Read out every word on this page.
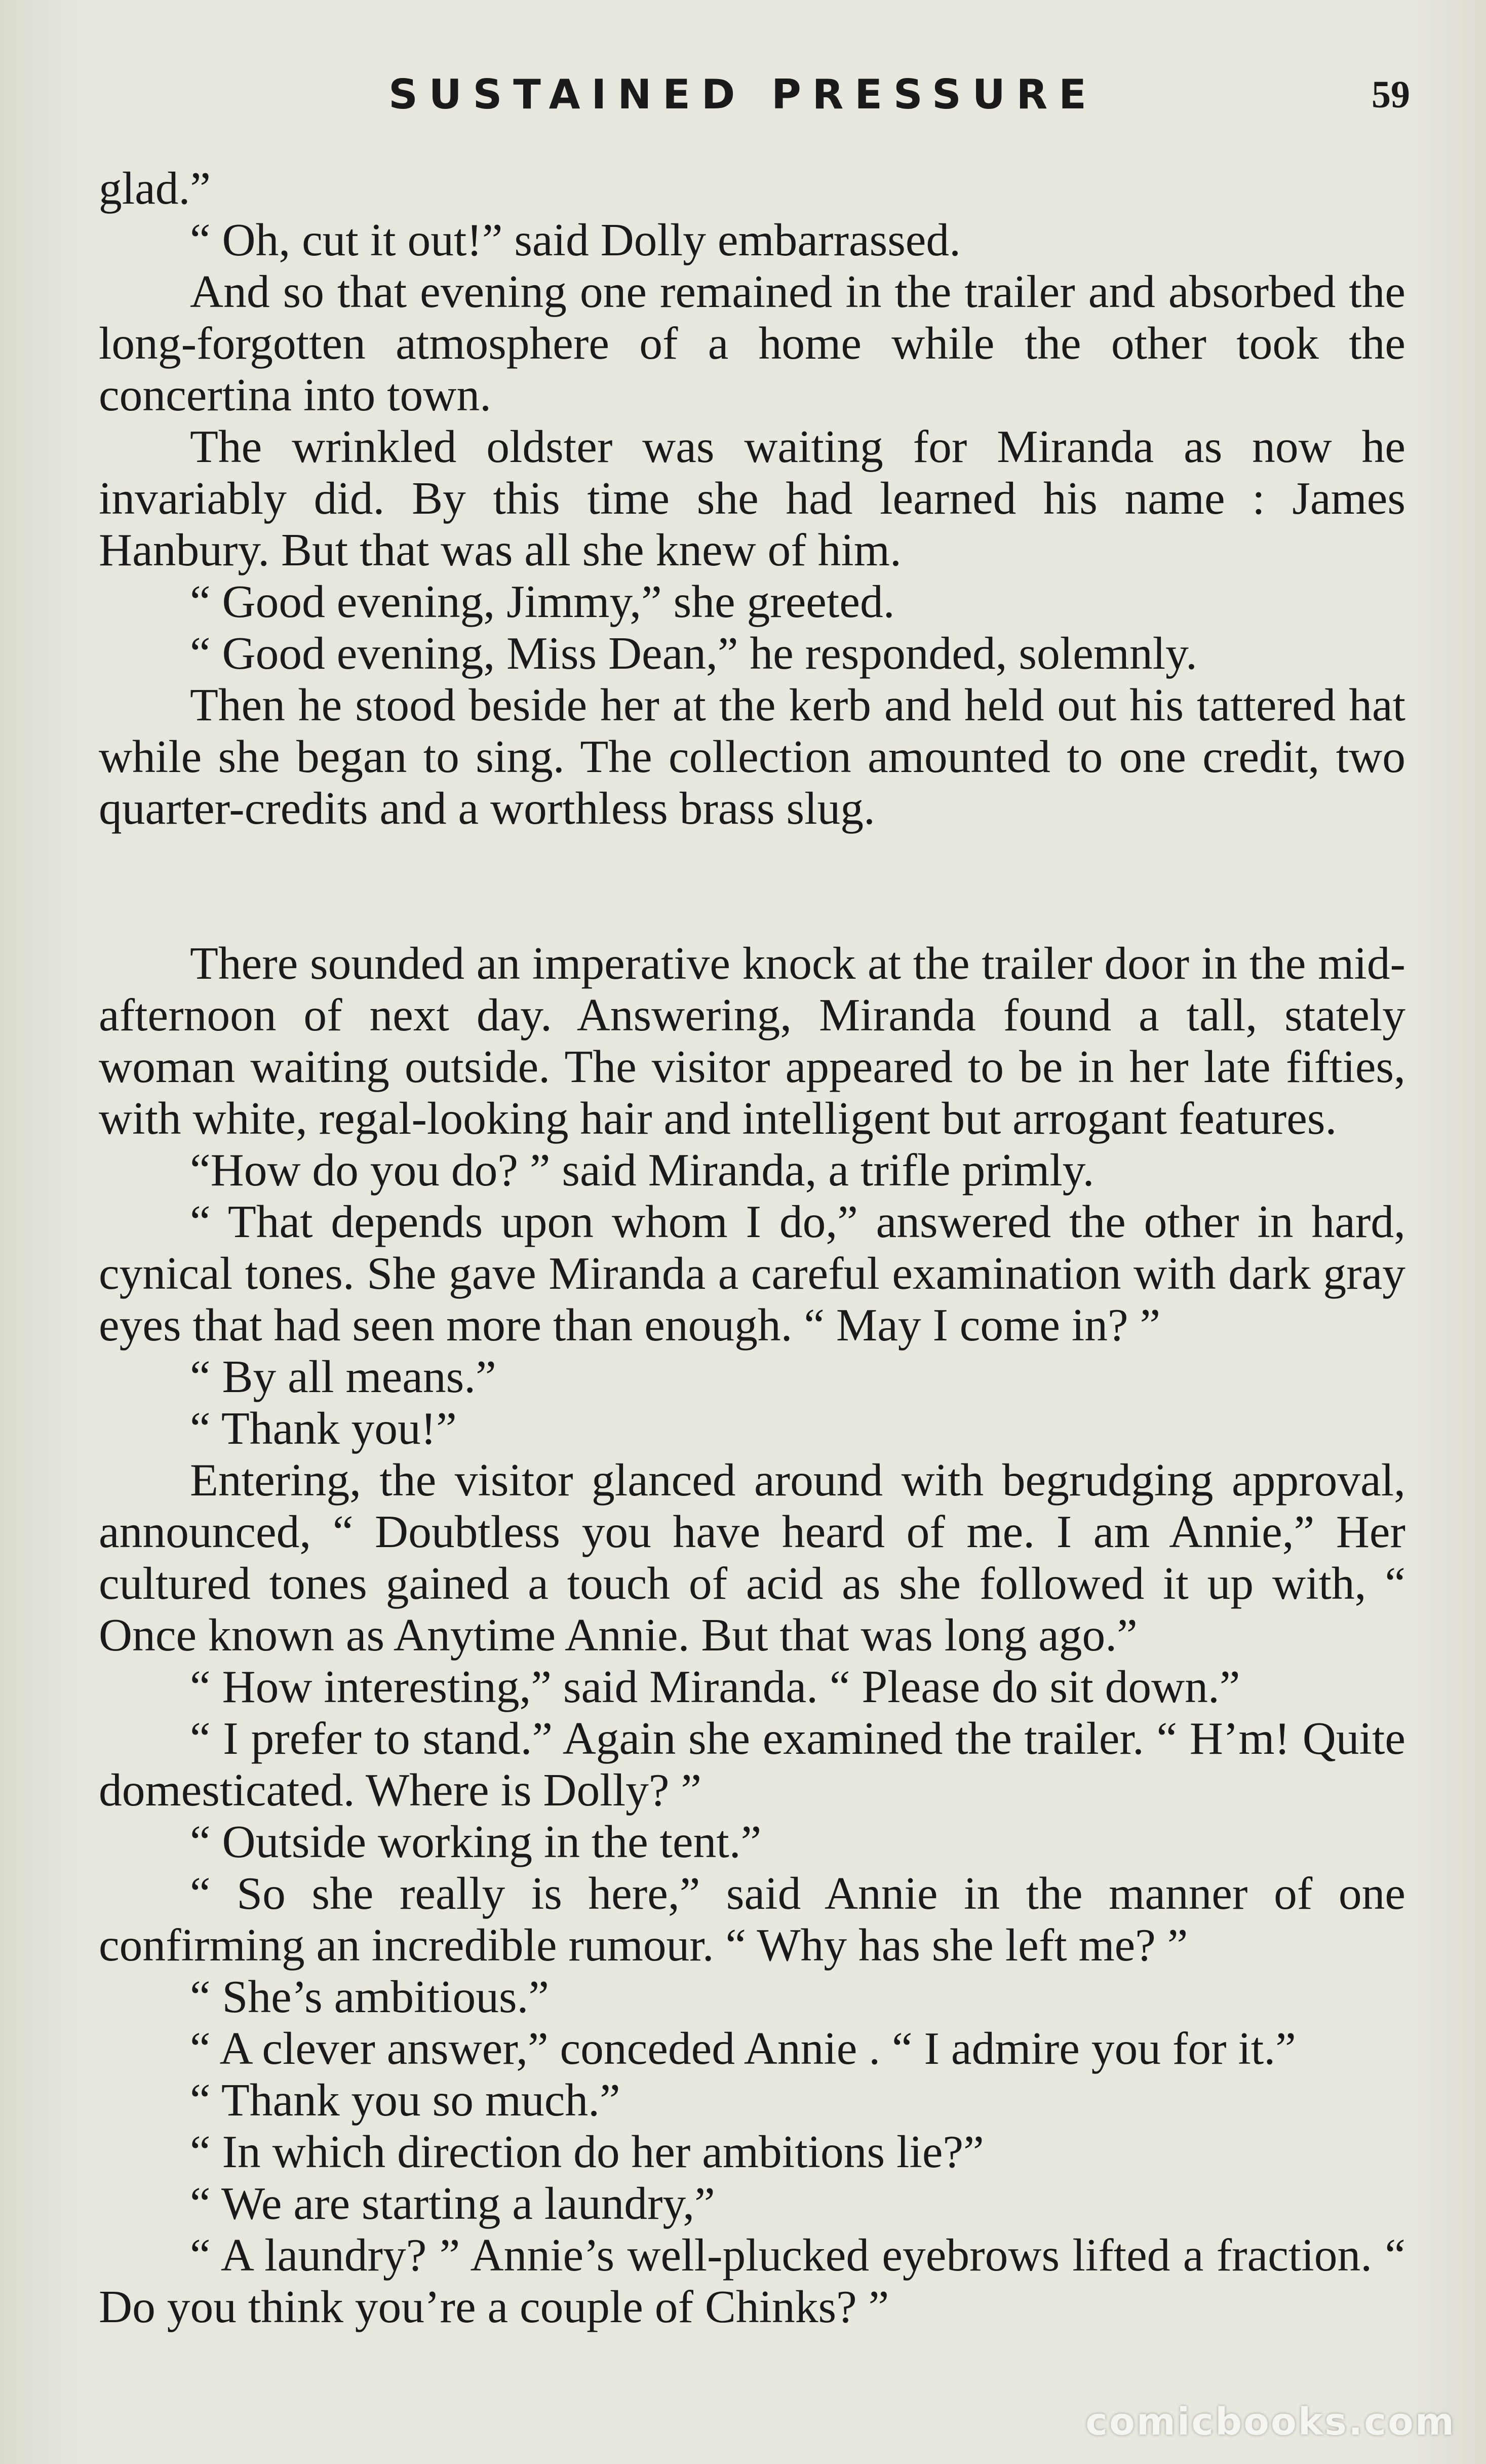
SUSTAINED PRESSURE	59

glad.”

“ Oh, cut it out!” said Dolly embarrassed.

And so that evening one remained in the trailer and absorbed the long-forgotten atmosphere of a home while the other took the concertina into town.

The wrinkled oldster was waiting for Miranda as now he invariably did. By this time she had learned his name : James Hanbury. But that was all she knew of him.

“ Good evening, Jimmy,” she greeted.

“ Good evening, Miss Dean,” he responded, solemnly.

Then he stood beside her at the kerb and held out his tattered hat while she began to sing. The collection amounted to one credit, two quarter-credits and a worthless brass slug.

There sounded an imperative knock at the trailer door in the mid-afternoon of next day. Answering, Miranda found a tall, stately woman waiting outside. The visitor appeared to be in her late fifties, with white, regal-looking hair and intelligent but arrogant features.

“How do you do? ” said Miranda, a trifle primly.

“ That depends upon whom I do,” answered the other in hard, cynical tones. She gave Miranda a careful examination with dark gray eyes that had seen more than enough. “ May I come in? ”

“ By all means.”

“ Thank you!”

Entering, the visitor glanced around with begrudging approval, announced, “ Doubtless you have heard of me. I am Annie,” Her cultured tones gained a touch of acid as she followed it up with, “ Once known as Anytime Annie. But that was long ago.”

“ How interesting,” said Miranda. “ Please do sit down.”

“ I prefer to stand.” Again she examined the trailer. “ H’m! Quite domesticated. Where is Dolly? ”

“ Outside working in the tent.”

“ So she really is here,” said Annie in the manner of one confirming an incredible rumour. “ Why has she left me? ”

“ She’s ambitious.”

“ A clever answer,” conceded Annie . “ I admire you for it.”

“ Thank you so much.”

“ In which direction do her ambitions lie?”

“ We are starting a laundry,”

“ A laundry? ” Annie’s well-plucked eyebrows lifted a fraction. “ Do you think you’re a couple of Chinks? ”

comicbooks.com
